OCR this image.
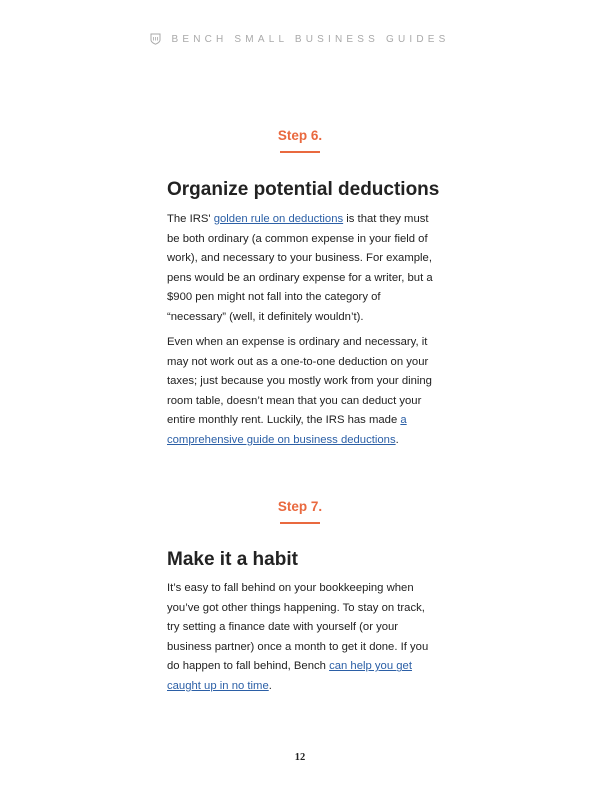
BENCH SMALL BUSINESS GUIDES
Step 6.
Organize potential deductions

The IRS' golden rule on deductions is that they must be both ordinary (a common expense in your field of work), and necessary to your business. For example, pens would be an ordinary expense for a writer, but a $900 pen might not fall into the category of “necessary” (well, it definitely wouldn’t).

Even when an expense is ordinary and necessary, it may not work out as a one-to-one deduction on your taxes; just because you mostly work from your dining room table, doesn’t mean that you can deduct your entire monthly rent. Luckily, the IRS has made a comprehensive guide on business deductions.

Step 7.
Make it a habit

It’s easy to fall behind on your bookkeeping when you’ve got other things happening. To stay on track, try setting a finance date with yourself (or your business partner) once a month to get it done. If you do happen to fall behind, Bench can help you get caught up in no time.

12
